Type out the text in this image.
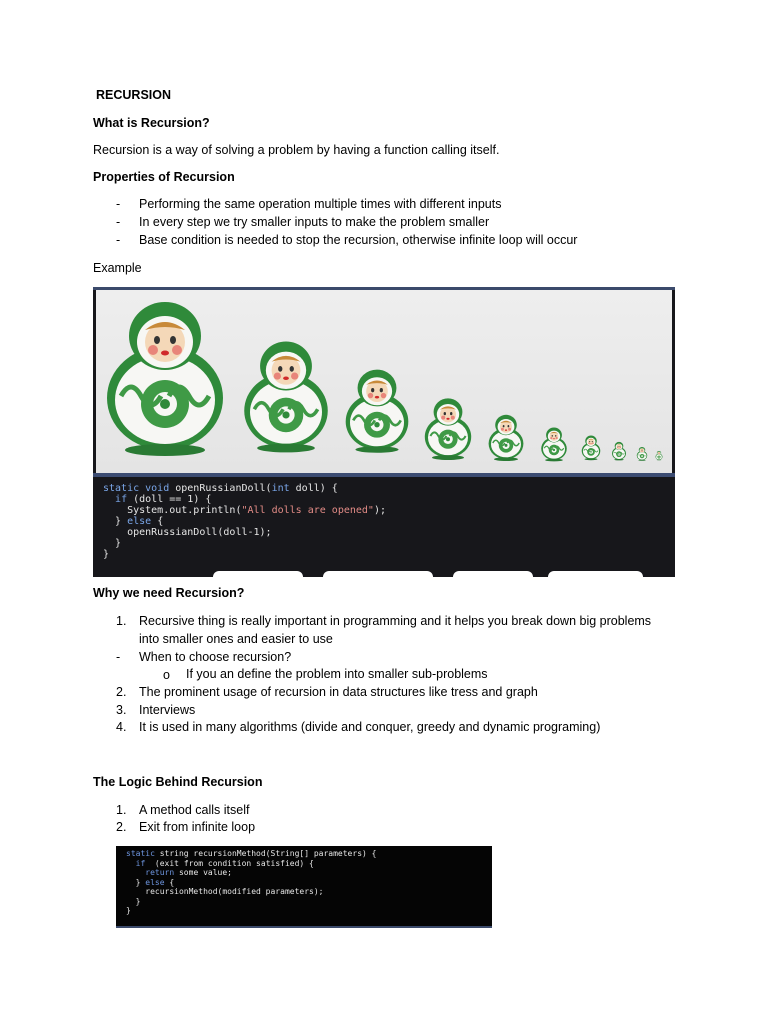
RECURSION
What is Recursion?
Recursion is a way of solving a problem by having a function calling itself.
Properties of Recursion
-	Performing the same operation multiple times with different inputs
-	In every step we try smaller inputs to make the problem smaller
-	Base condition is needed to stop the recursion, otherwise infinite loop will occur
Example
static void openRussianDoll(int doll) {
if (doll == 1) {
System.out.println("All dolls are opened");
} else {
openRussianDoll(doll-1);
}
}
Why we need Recursion?
1.	Recursive thing is really important in programming and it helps you break down big problems
into smaller ones and easier to use
-	When to choose recursion?
o	If you an define the problem into smaller sub-problems
2.	The prominent usage of recursion in data structures like tress and graph
3.	Interviews
4.	It is used in many algorithms (divide and conquer, greedy and dynamic programing)
The Logic Behind Recursion
1.	A method calls itself
2.	Exit from infinite loop
static string recursionMethod(String[] parameters) {
if  (exit from condition satisfied) {
return some value;
} else {
recursionMethod(modified parameters);
}
}
